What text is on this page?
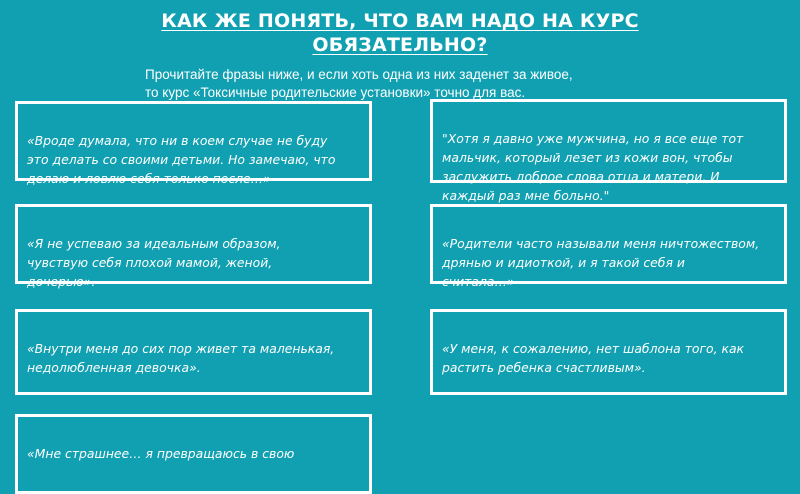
КАК ЖЕ ПОНЯТЬ, ЧТО ВАМ НАДО НА КУРС
ОБЯЗАТЕЛЬНО?
Прочитайте фразы ниже, и если хоть одна из них заденет за живое,
то курс «Токсичные родительские установки» точно для вас.

«Вроде думала, что ни в коем случае не буду
это делать со своими детьми. Но замечаю, что
делаю и ловлю себя только после…»

"Хотя я давно уже мужчина, но я все еще тот
мальчик, который лезет из кожи вон, чтобы
заслужить доброе слова отца и матери. И
каждый раз мне больно."

«Я не успеваю за идеальным образом,
чувствую себя плохой мамой, женой,
дочерью».

«Родители часто называли меня ничтожеством,
дрянью и идиоткой, и я такой себя и
считала…»

«Внутри меня до сих пор живет та маленькая,
недолюбленная девочка».

«У меня, к сожалению, нет шаблона того, как
растить ребенка счастливым».

«Мне страшнее… я превращаюсь в свою
